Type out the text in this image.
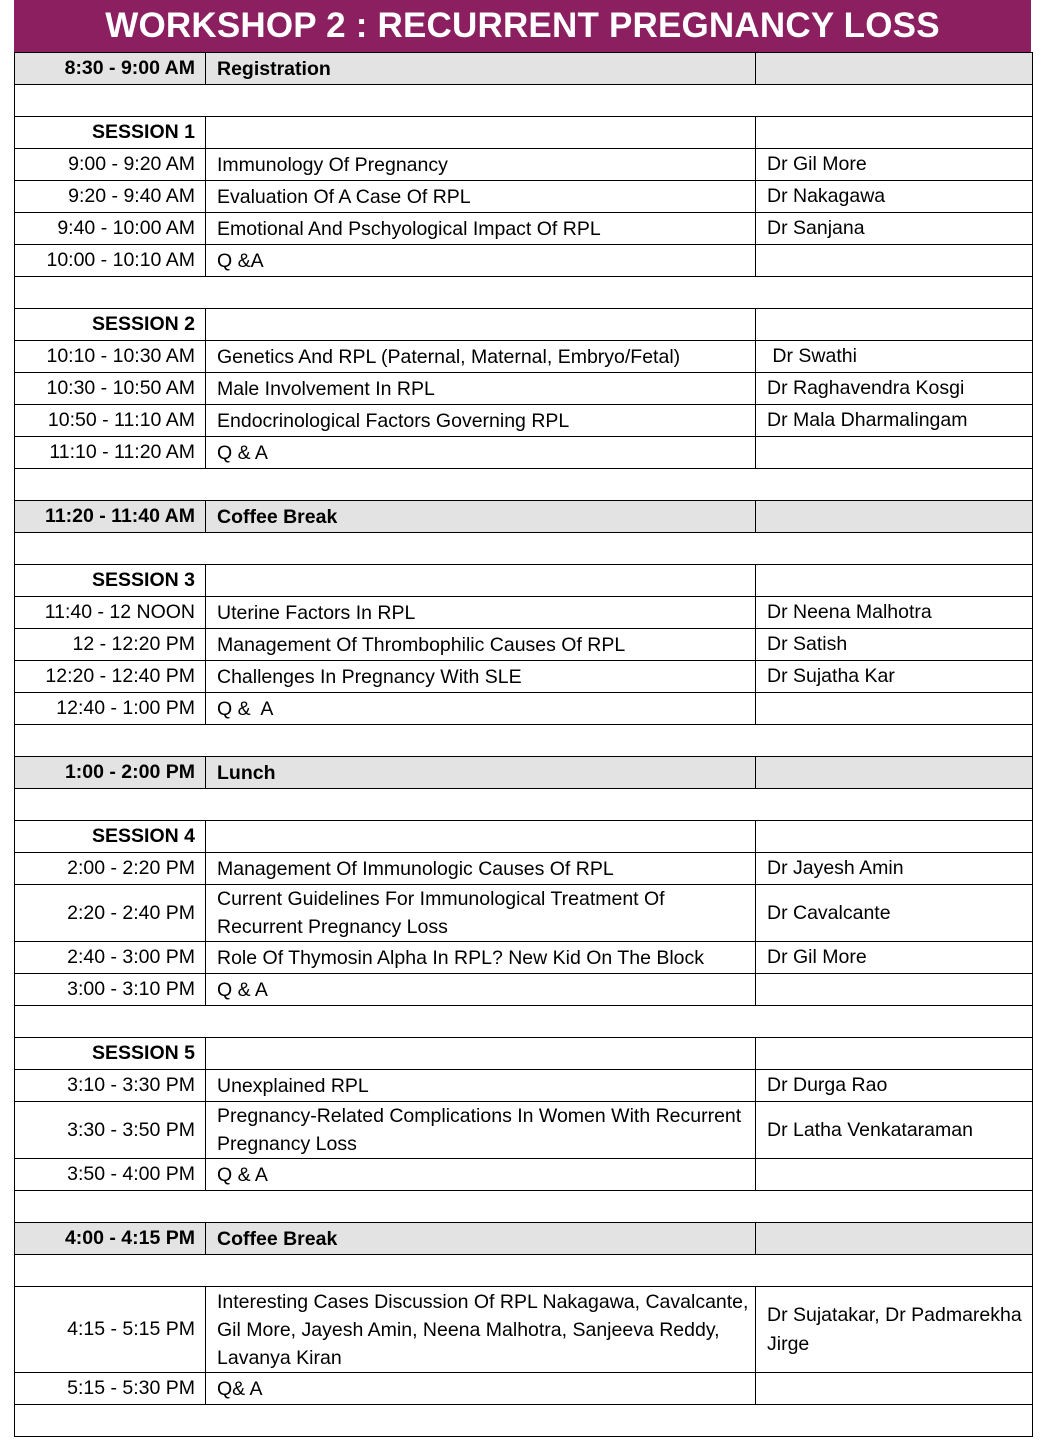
WORKSHOP 2 : RECURRENT PREGNANCY LOSS
8:30 - 9:00 AM	Registration	

SESSION 1		
9:00 - 9:20 AM	Immunology Of Pregnancy	Dr Gil More
9:20 - 9:40 AM	Evaluation Of A Case Of RPL	Dr Nakagawa
9:40 - 10:00 AM	Emotional And Pschyological Impact Of RPL	Dr Sanjana
10:00 - 10:10 AM	Q &A	

SESSION 2		
10:10 - 10:30 AM	Genetics And RPL (Paternal, Maternal, Embryo/Fetal)	Dr Swathi
10:30 - 10:50 AM	Male Involvement In RPL	Dr Raghavendra Kosgi
10:50 - 11:10 AM	Endocrinological Factors Governing RPL	Dr Mala Dharmalingam
11:10 - 11:20 AM	Q & A	

11:20 - 11:40 AM	Coffee Break	

SESSION 3		
11:40 - 12 NOON	Uterine Factors In RPL	Dr Neena Malhotra
12 - 12:20 PM	Management Of Thrombophilic Causes Of RPL	Dr Satish
12:20 - 12:40 PM	Challenges In Pregnancy With SLE	Dr Sujatha Kar
12:40 - 1:00 PM	Q &  A	

1:00 - 2:00 PM	Lunch	

SESSION 4		
2:00 - 2:20 PM	Management Of Immunologic Causes Of RPL	Dr Jayesh Amin
2:20 - 2:40 PM	Current Guidelines For Immunological Treatment Of Recurrent Pregnancy Loss	Dr Cavalcante
2:40 - 3:00 PM	Role Of Thymosin Alpha In RPL? New Kid On The Block	Dr Gil More
3:00 - 3:10 PM	Q & A	

SESSION 5		
3:10 - 3:30 PM	Unexplained RPL	Dr Durga Rao
3:30 - 3:50 PM	Pregnancy-Related Complications In Women With Recurrent Pregnancy Loss	Dr Latha Venkataraman
3:50 - 4:00 PM	Q & A	

4:00 - 4:15 PM	Coffee Break	

4:15 - 5:15 PM	Interesting Cases Discussion Of RPL Nakagawa, Cavalcante, Gil More, Jayesh Amin, Neena Malhotra, Sanjeeva Reddy, Lavanya Kiran	Dr Sujatakar, Dr Padmarekha Jirge
5:15 - 5:30 PM	Q& A	
